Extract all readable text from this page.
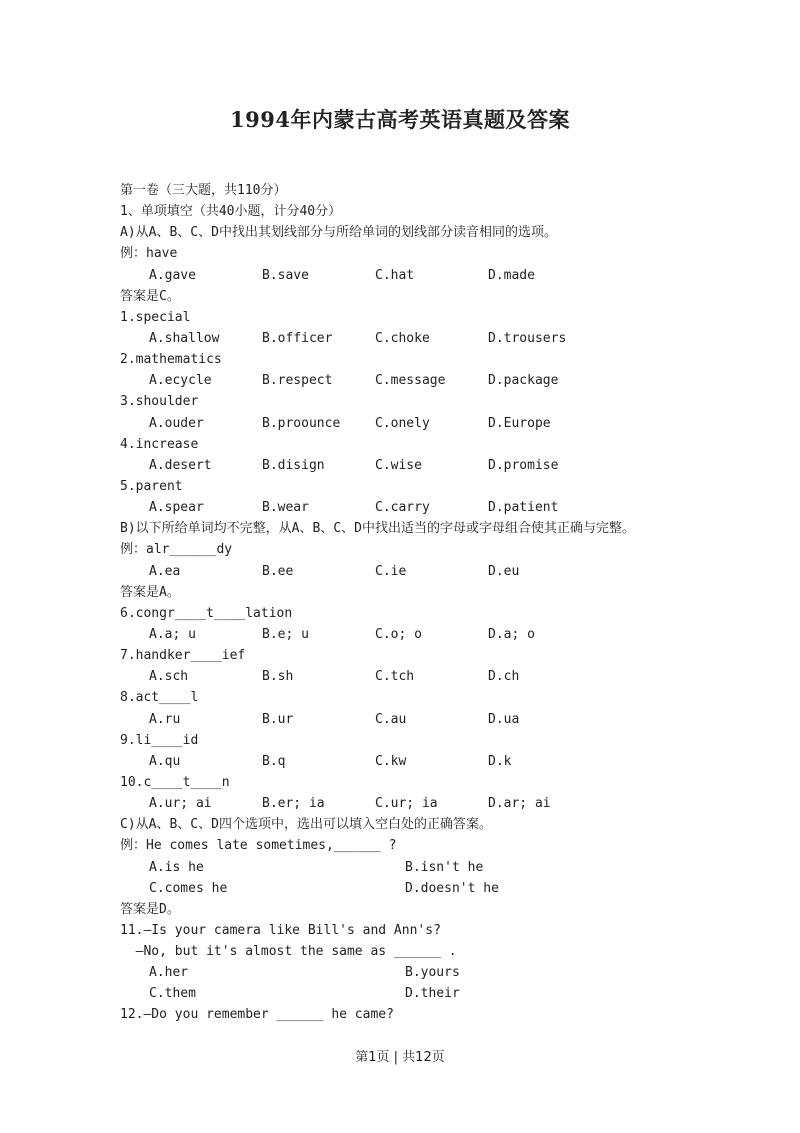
1994年内蒙古高考英语真题及答案
第一卷（三大题，共110分）
1、单项填空（共40小题，计分40分）
A)从A、B、C、D中找出其划线部分与所给单词的划线部分读音相同的选项。
例：have
A.gave	B.save	C.hat	D.made
答案是C。
1.special
A.shallow	B.officer	C.choke	D.trousers
2.mathematics
A.ecycle	B.respect	C.message	D.package
3.shoulder
A.ouder	B.proounce	C.onely	D.Europe
4.increase
A.desert	B.disign	C.wise	D.promise
5.parent
A.spear	B.wear	C.carry	D.patient
B)以下所给单词均不完整，从A、B、C、D中找出适当的字母或字母组合使其正确与完整。
例：alr______dy
A.ea	B.ee	C.ie	D.eu
答案是A。
6.congr____t____lation
A.a; u	B.e; u	C.o; o	D.a; o
7.handker____ief
A.sch	B.sh	C.tch	D.ch
8.act____l
A.ru	B.ur	C.au	D.ua
9.li____id
A.qu	B.q	C.kw	D.k
10.c____t____n
A.ur; ai	B.er; ia	C.ur; ia	D.ar; ai
C)从A、B、C、D四个选项中，选出可以填入空白处的正确答案。
例：He comes late sometimes,______ ?
A.is he	B.isn't he
C.comes he	D.doesn't he
答案是D。
11.—Is your camera like Bill's and Ann's?
—No, but it's almost the same as ______ .
A.her	B.yours
C.them	D.their
12.—Do you remember ______ he came?
第1页 | 共12页
